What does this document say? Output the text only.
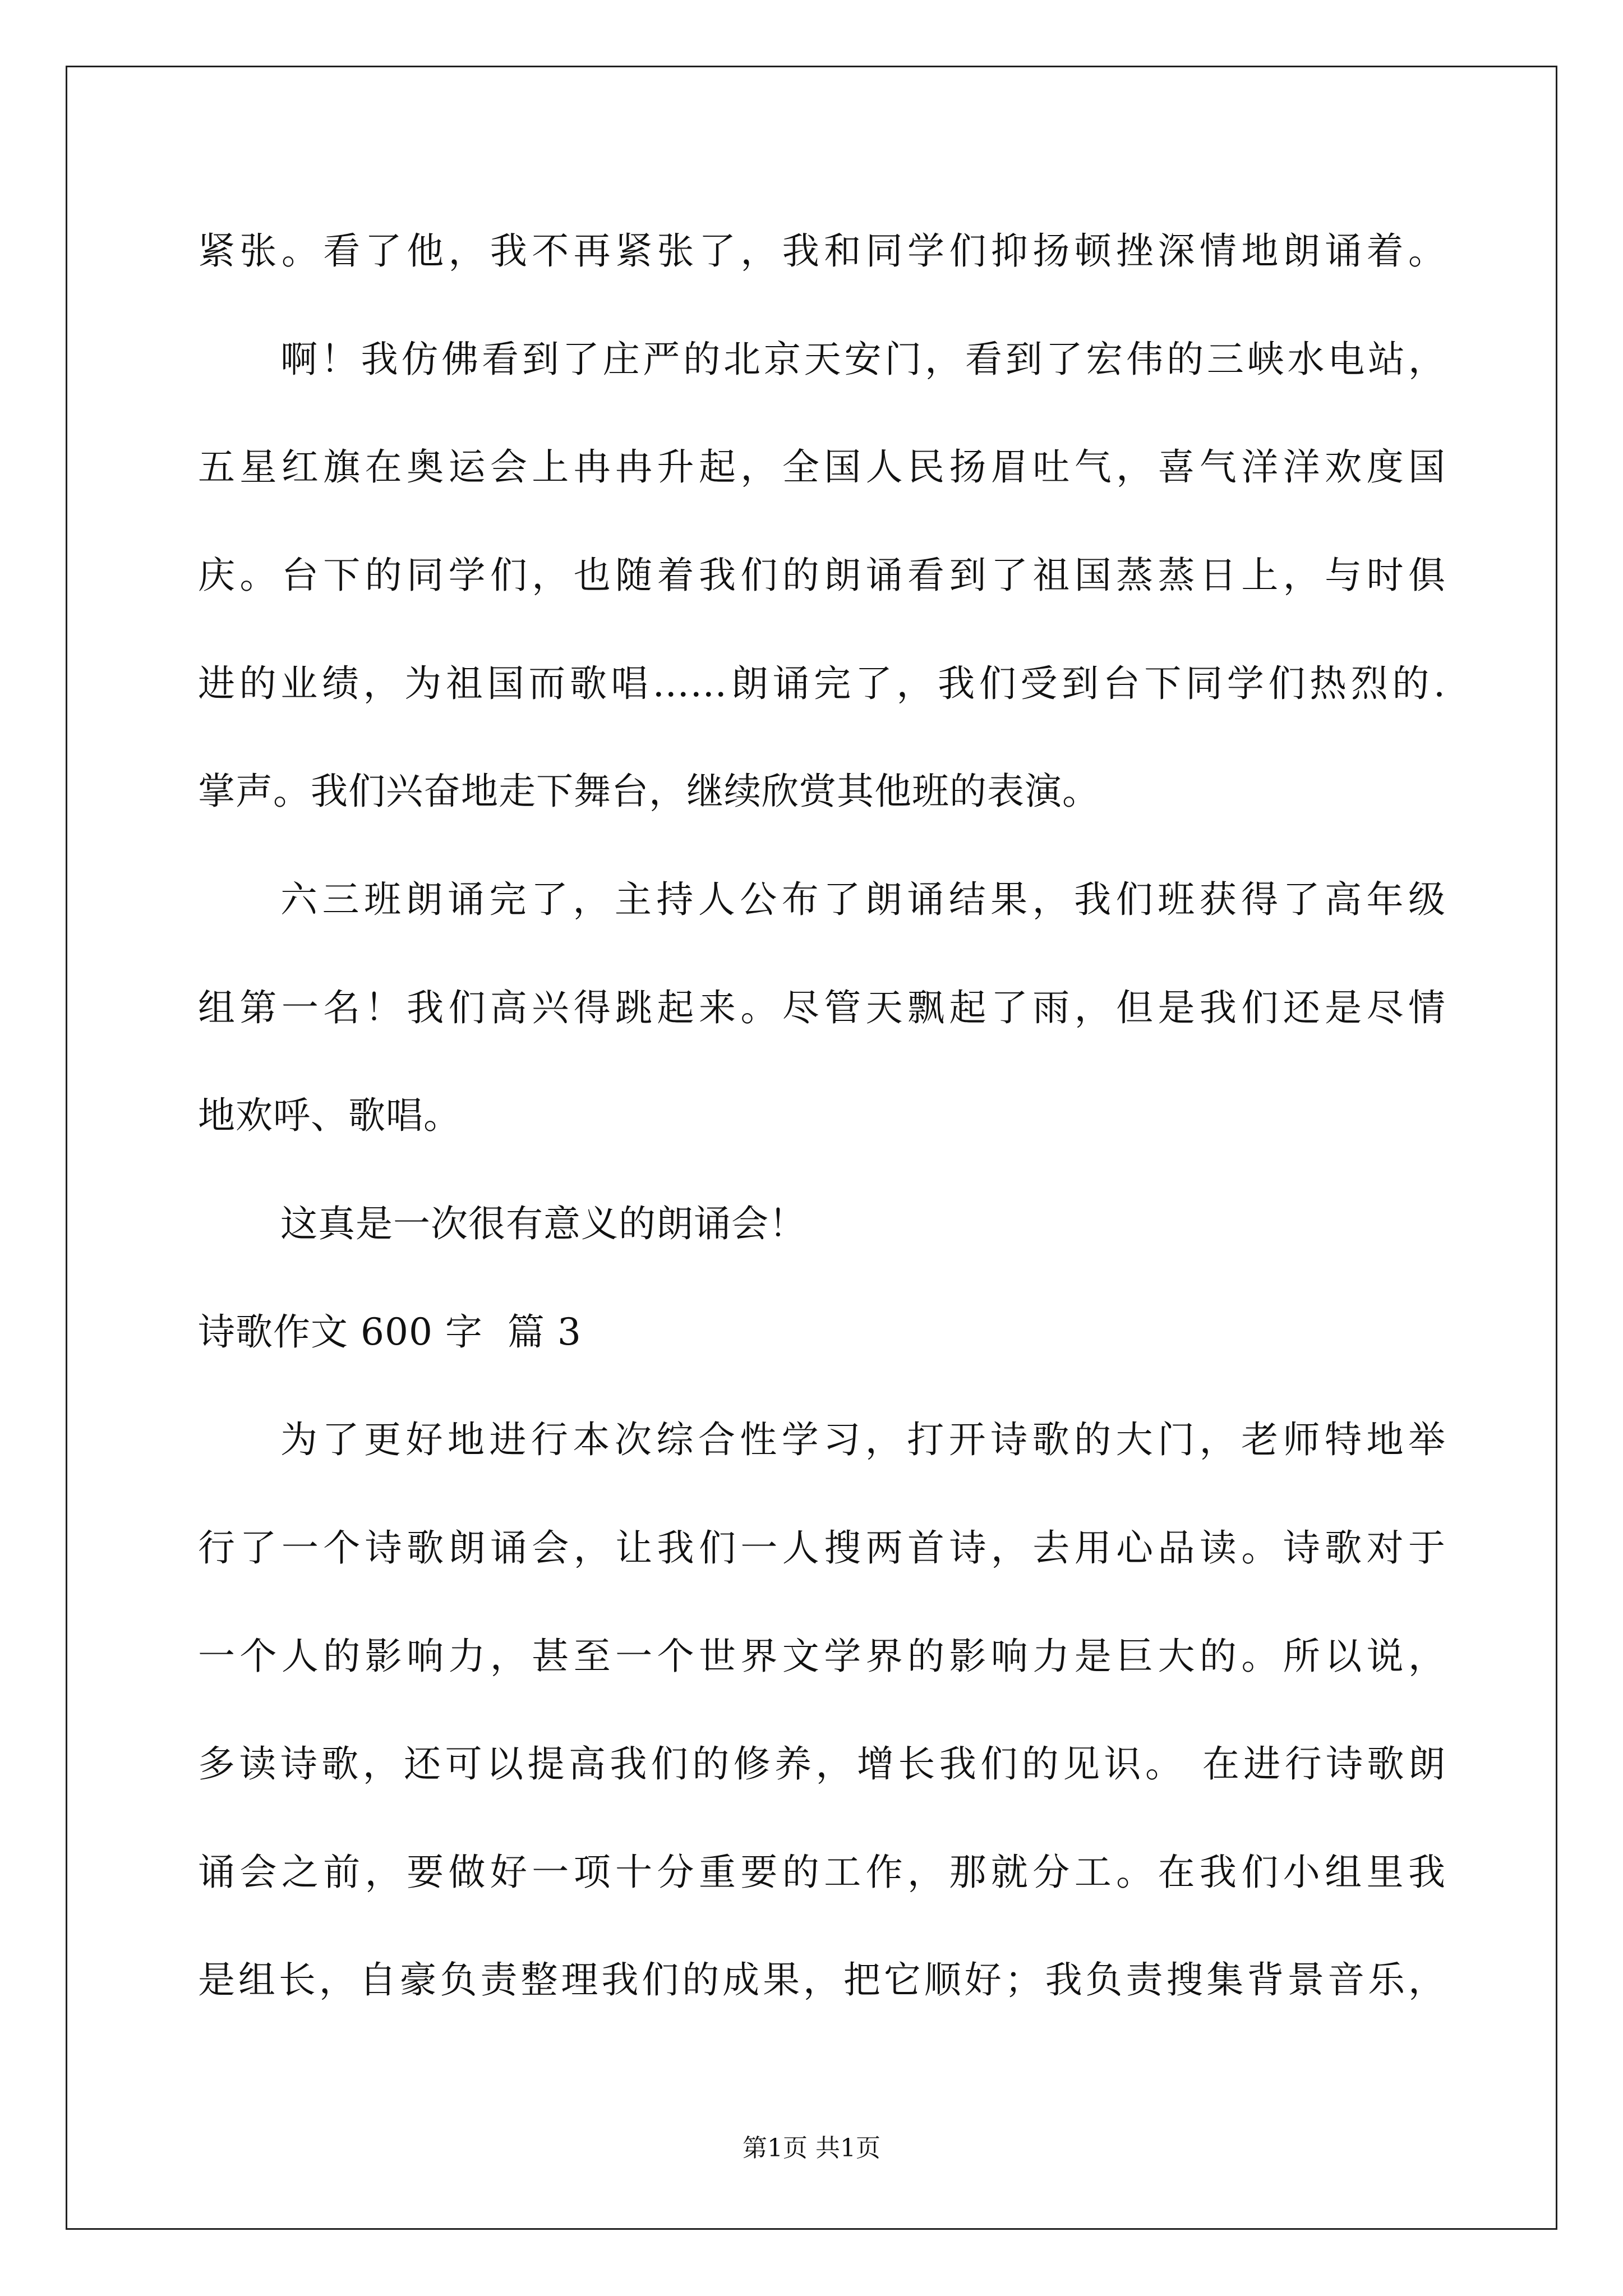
紧张。看了他，我不再紧张了，我和同学们抑扬顿挫深情地朗诵着。
啊！我仿佛看到了庄严的北京天安门，看到了宏伟的三峡水电站，
五星红旗在奥运会上冉冉升起，全国人民扬眉吐气，喜气洋洋欢度国
庆。台下的同学们，也随着我们的朗诵看到了祖国蒸蒸日上，与时俱
进的业绩，为祖国而歌唱……朗诵完了，我们受到台下同学们热烈的.
掌声。我们兴奋地走下舞台，继续欣赏其他班的表演。
六三班朗诵完了，主持人公布了朗诵结果，我们班获得了高年级
组第一名！我们高兴得跳起来。尽管天飘起了雨，但是我们还是尽情
地欢呼、歌唱。
这真是一次很有意义的朗诵会！
诗歌作文 600 字  篇 3
为了更好地进行本次综合性学习，打开诗歌的大门，老师特地举
行了一个诗歌朗诵会，让我们一人搜两首诗，去用心品读。诗歌对于
一个人的影响力，甚至一个世界文学界的影响力是巨大的。所以说，
多读诗歌，还可以提高我们的修养，增长我们的见识。 在进行诗歌朗
诵会之前，要做好一项十分重要的工作，那就分工。在我们小组里我
是组长，自豪负责整理我们的成果，把它顺好；我负责搜集背景音乐，
第1页 共1页
